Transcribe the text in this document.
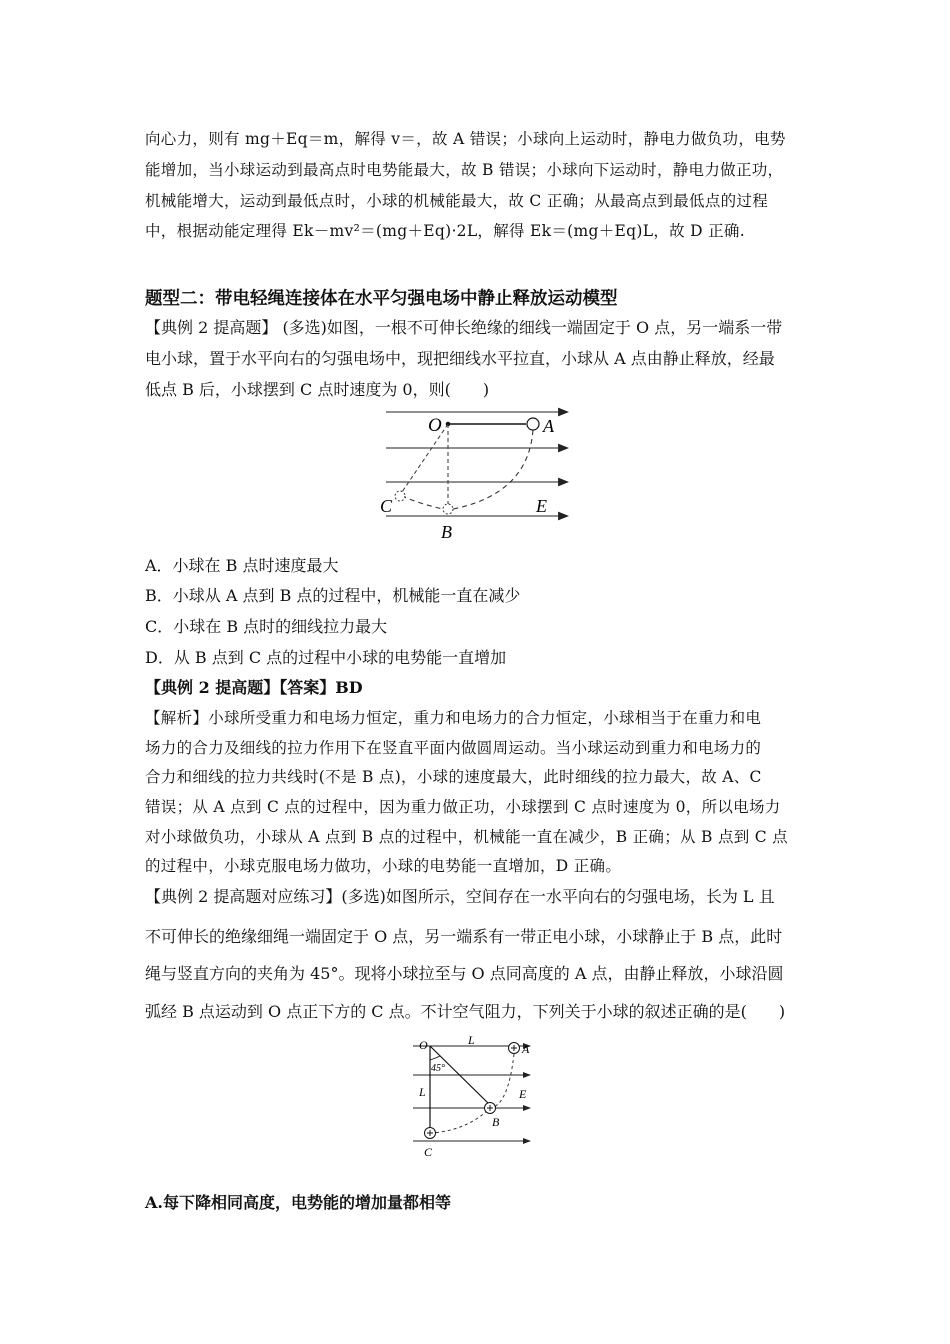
向心力，则有 mg＋Eq＝m，解得 v＝，故 A 错误；小球向上运动时，静电力做负功，电势
能增加，当小球运动到最高点时电势能最大，故 B 错误；小球向下运动时，静电力做正功，
机械能增大，运动到最低点时，小球的机械能最大，故 C 正确；从最高点到最低点的过程
中，根据动能定理得 Ek－mv²＝(mg＋Eq)·2L，解得 Ek＝(mg＋Eq)L，故 D 正确.
题型二：带电轻绳连接体在水平匀强电场中静止释放运动模型
【典例 2 提高题】 (多选)如图，一根不可伸长绝缘的细线一端固定于 O 点，另一端系一带
电小球，置于水平向右的匀强电场中，现把细线水平拉直，小球从 A 点由静止释放，经最
低点 B 后，小球摆到 C 点时速度为 0，则(　　)
O	A
C	E
B
A．小球在 B 点时速度最大
B．小球从 A 点到 B 点的过程中，机械能一直在减少
C．小球在 B 点时的细线拉力最大
D．从 B 点到 C 点的过程中小球的电势能一直增加
【典例 2 提高题】【答案】BD
【解析】小球所受重力和电场力恒定，重力和电场力的合力恒定，小球相当于在重力和电
场力的合力及细线的拉力作用下在竖直平面内做圆周运动。当小球运动到重力和电场力的
合力和细线的拉力共线时(不是 B 点)，小球的速度最大，此时细线的拉力最大，故 A、C
错误；从 A 点到 C 点的过程中，因为重力做正功，小球摆到 C 点时速度为 0，所以电场力
对小球做负功，小球从 A 点到 B 点的过程中，机械能一直在减少，B 正确；从 B 点到 C 点
的过程中，小球克服电场力做功，小球的电势能一直增加，D 正确。
【典例 2 提高题对应练习】(多选)如图所示，空间存在一水平向右的匀强电场，长为 L 且
不可伸长的绝缘细绳一端固定于 O 点，另一端系有一带正电小球，小球静止于 B 点，此时
绳与竖直方向的夹角为 45°。现将小球拉至与 O 点同高度的 A 点，由静止释放，小球沿圆
弧经 B 点运动到 O 点正下方的 C 点。不计空气阻力，下列关于小球的叙述正确的是(　　)
O	L
A
45°
L	E
B
C
A.每下降相同高度，电势能的增加量都相等
